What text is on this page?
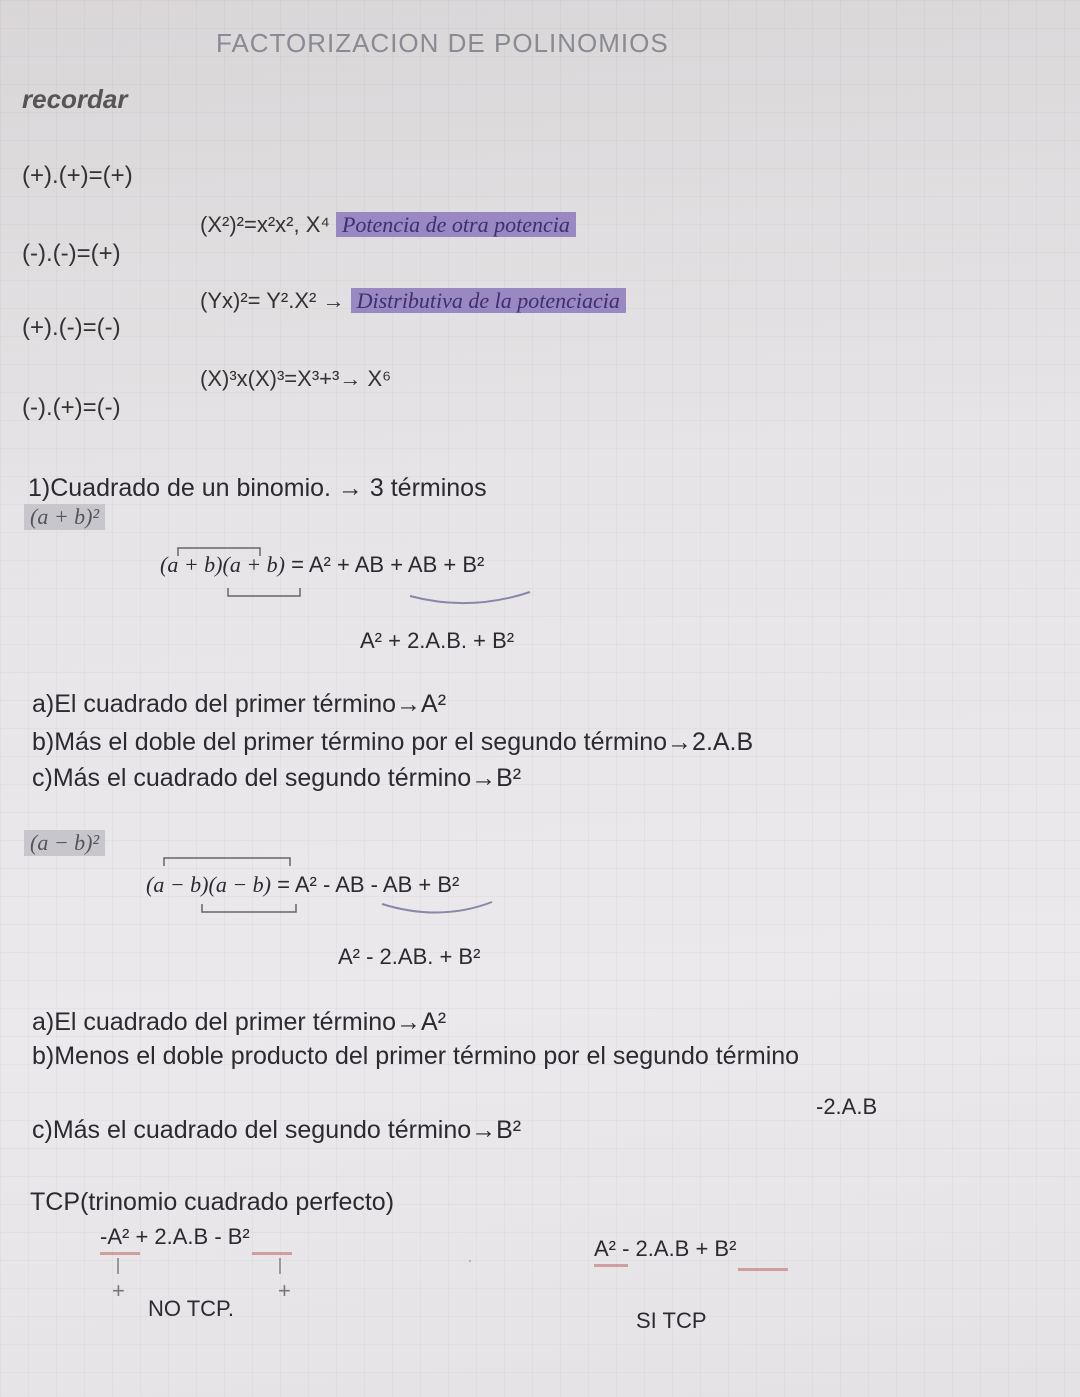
FACTORIZACION DE POLINOMIOS
recordar
(+).(+)=(+)
(-).(-)=(+)
(+).(-)=(-)
(-).(+)=(-)
(X²)²=x²x², X⁴ Potencia de otra potencia
(Yx)²= Y².X² → Distributiva de la potenciacia
(X)³x(X)³=X³+³→ X⁶
1)Cuadrado de un binomio. → 3 términos
(a + b)²
(a + b)(a + b) = A² + AB + AB + B²
A² + 2.A.B. + B²
a)El cuadrado del primer término→A²
b)Más el doble del primer término por el segundo término→2.A.B
c)Más el cuadrado del segundo término→B²
(a − b)²
(a − b)(a − b) = A² - AB - AB + B²
A² - 2.AB. + B²
a)El cuadrado del primer término→A²
b)Menos el doble producto del primer término por el segundo término
-2.A.B
c)Más el cuadrado del segundo término→B²
TCP(trinomio cuadrado perfecto)
-A² + 2.A.B - B²
+	+
NO TCP.
A² - 2.A.B + B²
SI TCP
